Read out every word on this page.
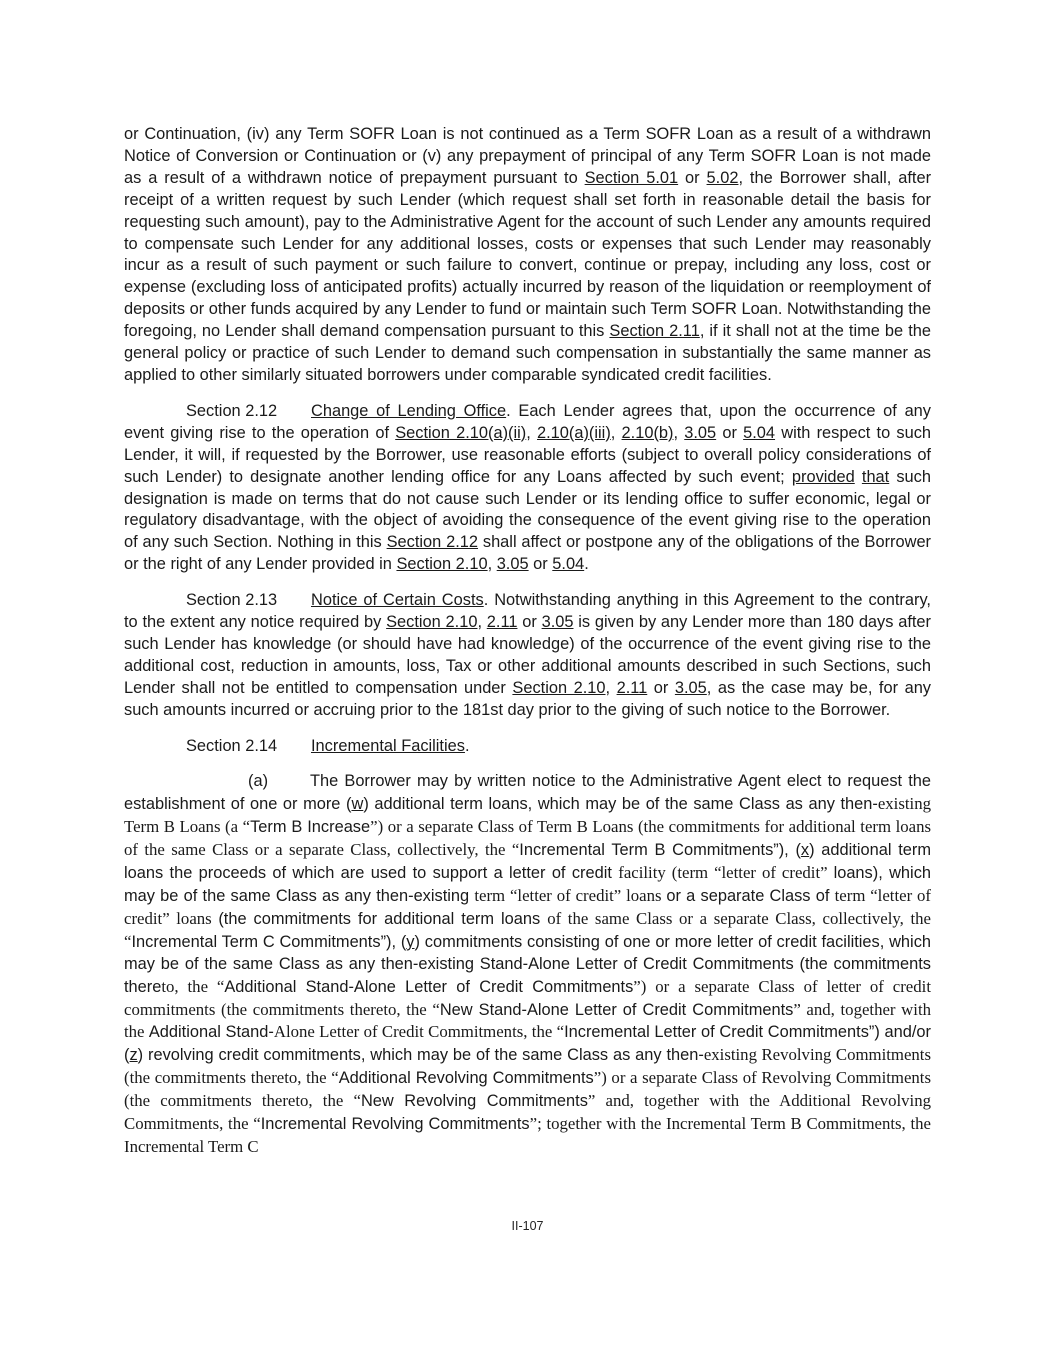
or Continuation, (iv) any Term SOFR Loan is not continued as a Term SOFR Loan as a result of a withdrawn Notice of Conversion or Continuation or (v) any prepayment of principal of any Term SOFR Loan is not made as a result of a withdrawn notice of prepayment pursuant to Section 5.01 or 5.02, the Borrower shall, after receipt of a written request by such Lender (which request shall set forth in reasonable detail the basis for requesting such amount), pay to the Administrative Agent for the account of such Lender any amounts required to compensate such Lender for any additional losses, costs or expenses that such Lender may reasonably incur as a result of such payment or such failure to convert, continue or prepay, including any loss, cost or expense (excluding loss of anticipated profits) actually incurred by reason of the liquidation or reemployment of deposits or other funds acquired by any Lender to fund or maintain such Term SOFR Loan. Notwithstanding the foregoing, no Lender shall demand compensation pursuant to this Section 2.11, if it shall not at the time be the general policy or practice of such Lender to demand such compensation in substantially the same manner as applied to other similarly situated borrowers under comparable syndicated credit facilities.

Section 2.12 Change of Lending Office. Each Lender agrees that, upon the occurrence of any event giving rise to the operation of Section 2.10(a)(ii), 2.10(a)(iii), 2.10(b), 3.05 or 5.04 with respect to such Lender, it will, if requested by the Borrower, use reasonable efforts (subject to overall policy considerations of such Lender) to designate another lending office for any Loans affected by such event; provided that such designation is made on terms that do not cause such Lender or its lending office to suffer economic, legal or regulatory disadvantage, with the object of avoiding the consequence of the event giving rise to the operation of any such Section. Nothing in this Section 2.12 shall affect or postpone any of the obligations of the Borrower or the right of any Lender provided in Section 2.10, 3.05 or 5.04.

Section 2.13 Notice of Certain Costs. Notwithstanding anything in this Agreement to the contrary, to the extent any notice required by Section 2.10, 2.11 or 3.05 is given by any Lender more than 180 days after such Lender has knowledge (or should have had knowledge) of the occurrence of the event giving rise to the additional cost, reduction in amounts, loss, Tax or other additional amounts described in such Sections, such Lender shall not be entitled to compensation under Section 2.10, 2.11 or 3.05, as the case may be, for any such amounts incurred or accruing prior to the 181st day prior to the giving of such notice to the Borrower.

Section 2.14 Incremental Facilities.

(a)	The Borrower may by written notice to the Administrative Agent elect to request the establishment of one or more (w) additional term loans, which may be of the same Class as any then-existing Term B Loans (a “Term B Increase”) or a separate Class of Term B Loans (the commitments for additional term loans of the same Class or a separate Class, collectively, the “Incremental Term B Commitments”), (x) additional term loans the proceeds of which are used to support a letter of credit facility (term “letter of credit” loans), which may be of the same Class as any then-existing term “letter of credit” loans or a separate Class of term “letter of credit” loans (the commitments for additional term loans of the same Class or a separate Class, collectively, the “Incremental Term C Commitments”), (y) commitments consisting of one or more letter of credit facilities, which may be of the same Class as any then-existing Stand-Alone Letter of Credit Commitments (the commitments thereto, the “Additional Stand-Alone Letter of Credit Commitments”) or a separate Class of letter of credit commitments (the commitments thereto, the “New Stand-Alone Letter of Credit Commitments” and, together with the Additional Stand-Alone Letter of Credit Commitments, the “Incremental Letter of Credit Commitments”) and/or (z) revolving credit commitments, which may be of the same Class as any then-existing Revolving Commitments (the commitments thereto, the “Additional Revolving Commitments”) or a separate Class of Revolving Commitments (the commitments thereto, the “New Revolving Commitments” and, together with the Additional Revolving Commitments, the “Incremental Revolving Commitments”; together with the Incremental Term B Commitments, the Incremental Term C

II-107
